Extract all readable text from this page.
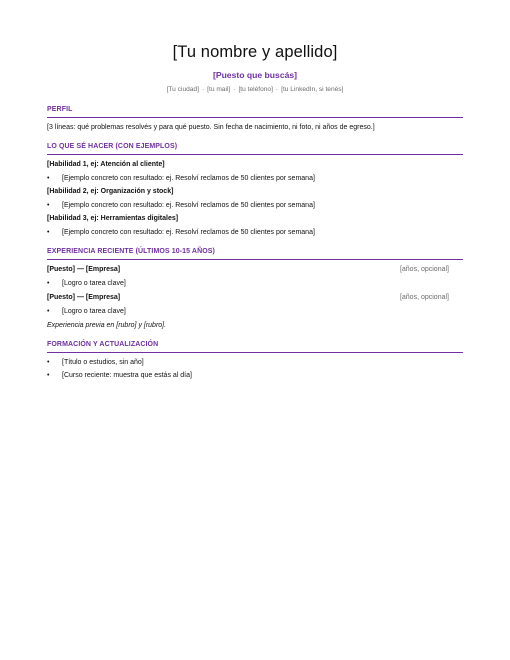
[Tu nombre y apellido]
[Puesto que buscás]
[Tu ciudad] · [tu mail] · [tu teléfono] · [tu LinkedIn, si tenés]
PERFIL
[3 líneas: qué problemas resolvés y para qué puesto. Sin fecha de nacimiento, ni foto, ni años de egreso.]
LO QUE SÉ HACER (CON EJEMPLOS)
[Habilidad 1, ej: Atención al cliente]
• [Ejemplo concreto con resultado: ej. Resolví reclamos de 50 clientes por semana]
[Habilidad 2, ej: Organización y stock]
• [Ejemplo concreto con resultado: ej. Resolví reclamos de 50 clientes por semana]
[Habilidad 3, ej: Herramientas digitales]
• [Ejemplo concreto con resultado: ej. Resolví reclamos de 50 clientes por semana]
EXPERIENCIA RECIENTE (ÚLTIMOS 10-15 AÑOS)
[Puesto] — [Empresa]	[años, opcional]
• [Logro o tarea clave]
[Puesto] — [Empresa]	[años, opcional]
• [Logro o tarea clave]
Experiencia previa en [rubro] y [rubro].
FORMACIÓN Y ACTUALIZACIÓN
• [Título o estudios, sin año]
• [Curso reciente: muestra que estás al día]
